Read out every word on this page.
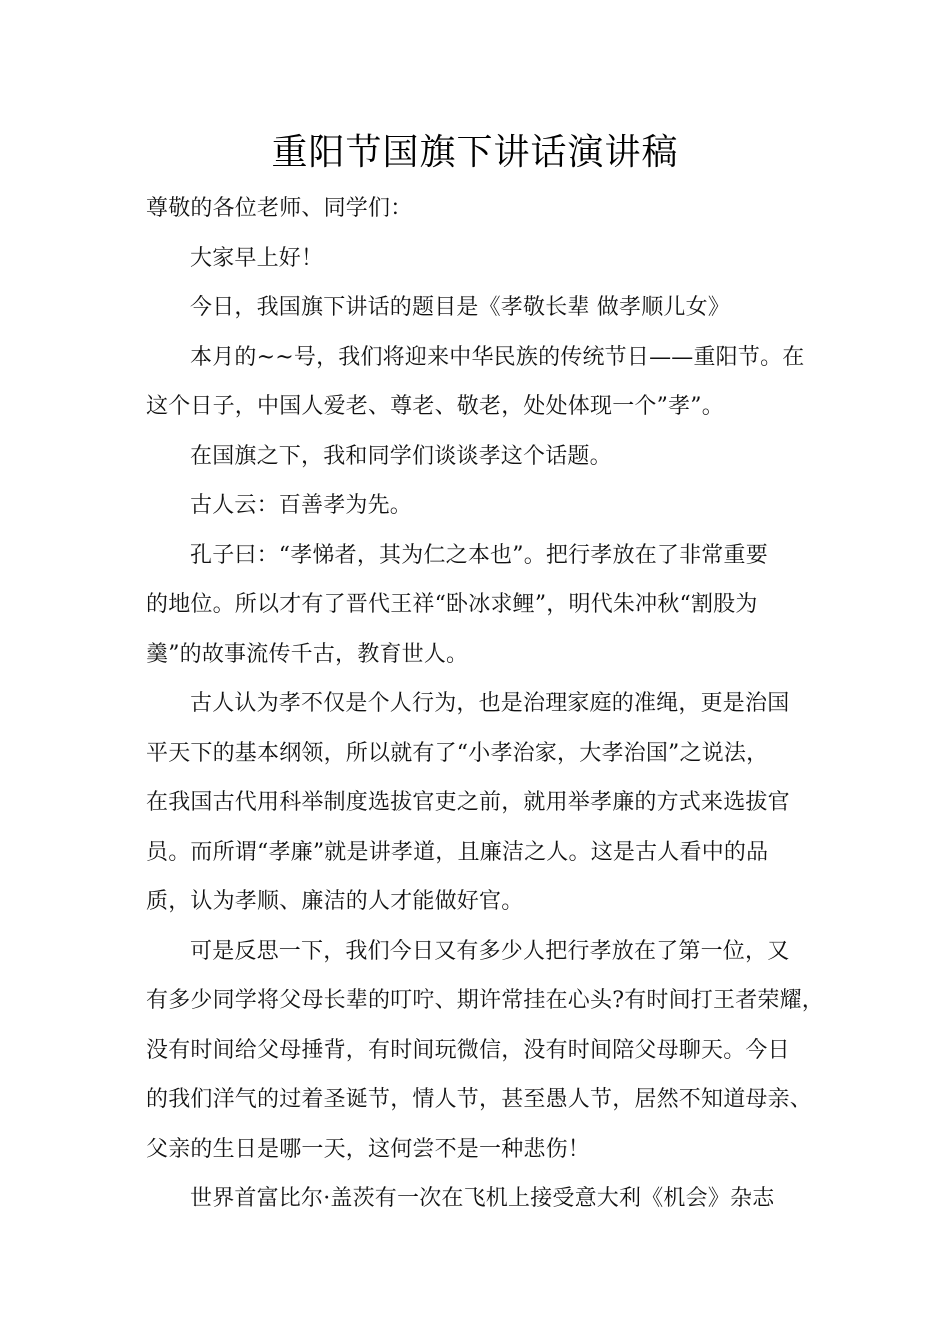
重阳节国旗下讲话演讲稿
尊敬的各位老师、同学们：
大家早上好！
今日，我国旗下讲话的题目是《孝敬长辈 做孝顺儿女》
本月的~~号，我们将迎来中华民族的传统节日——重阳节。在
这个日子，中国人爱老、尊老、敬老，处处体现一个”孝”。
在国旗之下，我和同学们谈谈孝这个话题。
古人云：百善孝为先。
孔子曰：“孝悌者，其为仁之本也”。把行孝放在了非常重要
的地位。所以才有了晋代王祥“卧冰求鲤”，明代朱冲秋“割股为
羹”的故事流传千古，教育世人。
古人认为孝不仅是个人行为，也是治理家庭的准绳，更是治国
平天下的基本纲领，所以就有了“小孝治家，大孝治国”之说法，
在我国古代用科举制度选拔官吏之前，就用举孝廉的方式来选拔官
员。而所谓“孝廉”就是讲孝道，且廉洁之人。这是古人看中的品
质，认为孝顺、廉洁的人才能做好官。
可是反思一下，我们今日又有多少人把行孝放在了第一位，又
有多少同学将父母长辈的叮咛、期许常挂在心头?有时间打王者荣耀，
没有时间给父母捶背，有时间玩微信，没有时间陪父母聊天。今日
的我们洋气的过着圣诞节，情人节，甚至愚人节，居然不知道母亲、
父亲的生日是哪一天，这何尝不是一种悲伤！
世界首富比尔·盖茨有一次在飞机上接受意大利《机会》杂志
